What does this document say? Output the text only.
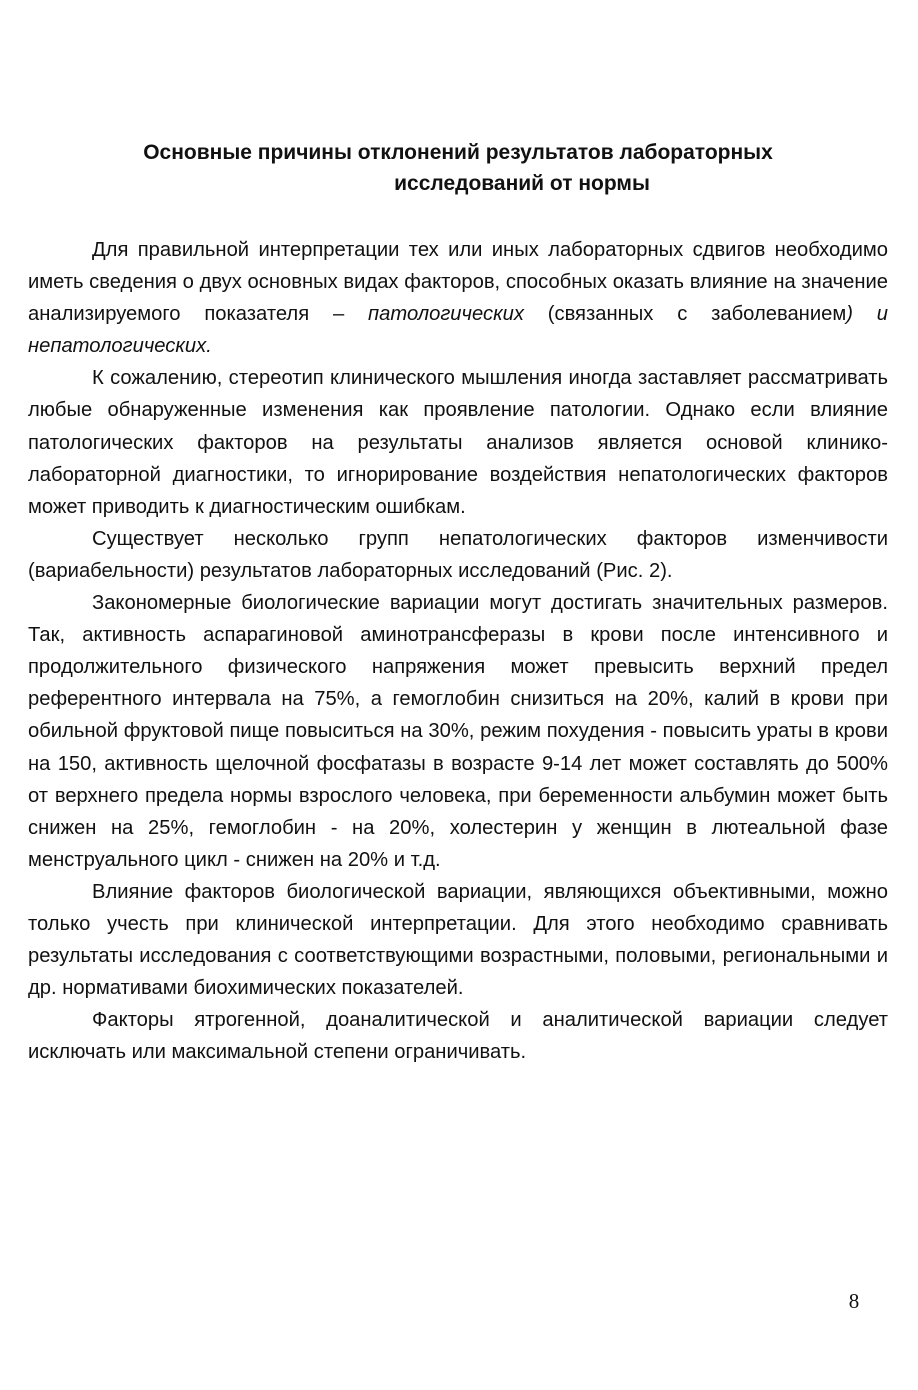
Основные причины отклонений результатов лабораторных
исследований от нормы

Для правильной интерпретации тех или иных лабораторных сдвигов необходимо иметь сведения о двух основных видах факторов, способных оказать влияние на значение анализируемого показателя – патологических (связанных с заболеванием) и непатологических.

К сожалению, стереотип клинического мышления иногда заставляет рассматривать любые обнаруженные изменения как проявление патологии. Однако если влияние патологических факторов на результаты анализов является основой клинико-лабораторной диагностики, то игнорирование воздействия непатологических факторов может приводить к диагностическим ошибкам.

Существует несколько групп непатологических факторов изменчивости (вариабельности) результатов лабораторных исследований (Рис. 2).

Закономерные биологические вариации могут достигать значительных размеров. Так, активность аспарагиновой аминотрансферазы в крови после интенсивного и продолжительного физического напряжения может превысить верхний предел референтного интервала на 75%, а гемоглобин снизиться на 20%, калий в крови при обильной фруктовой пище повыситься на 30%, режим похудения - повысить ураты в крови на 150, активность щелочной фосфатазы в возрасте 9-14 лет может составлять до 500% от верхнего предела нормы взрослого человека, при беременности альбумин может быть снижен на 25%, гемоглобин - на 20%, холестерин у женщин в лютеальной фазе менструального цикл - снижен на 20% и т.д.

Влияние факторов биологической вариации, являющихся объективными, можно только учесть при клинической интерпретации. Для этого необходимо сравнивать результаты исследования с соответствующими возрастными, половыми, региональными и др. нормативами биохимических показателей.

Факторы ятрогенной, доаналитической и аналитической вариации следует исключать или максимальной степени ограничивать.

8
